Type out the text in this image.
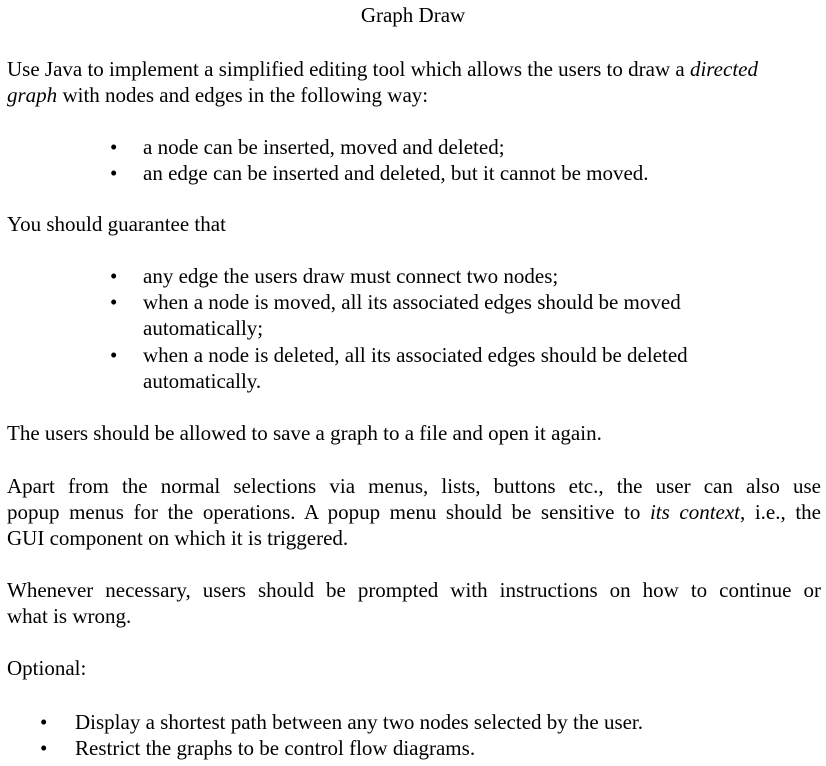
Graph Draw
Use Java to implement a simplified editing tool which allows the users to draw a directed
graph with nodes and edges in the following way:
• a node can be inserted, moved and deleted;
• an edge can be inserted and deleted, but it cannot be moved.
You should guarantee that
• any edge the users draw must connect two nodes;
• when a node is moved, all its associated edges should be moved
automatically;
• when a node is deleted, all its associated edges should be deleted
automatically.
The users should be allowed to save a graph to a file and open it again.
Apart from the normal selections via menus, lists, buttons etc., the user can also use
popup menus for the operations. A popup menu should be sensitive to its context, i.e., the
GUI component on which it is triggered.
Whenever necessary, users should be prompted with instructions on how to continue or
what is wrong.
Optional:
• Display a shortest path between any two nodes selected by the user.
• Restrict the graphs to be control flow diagrams.
